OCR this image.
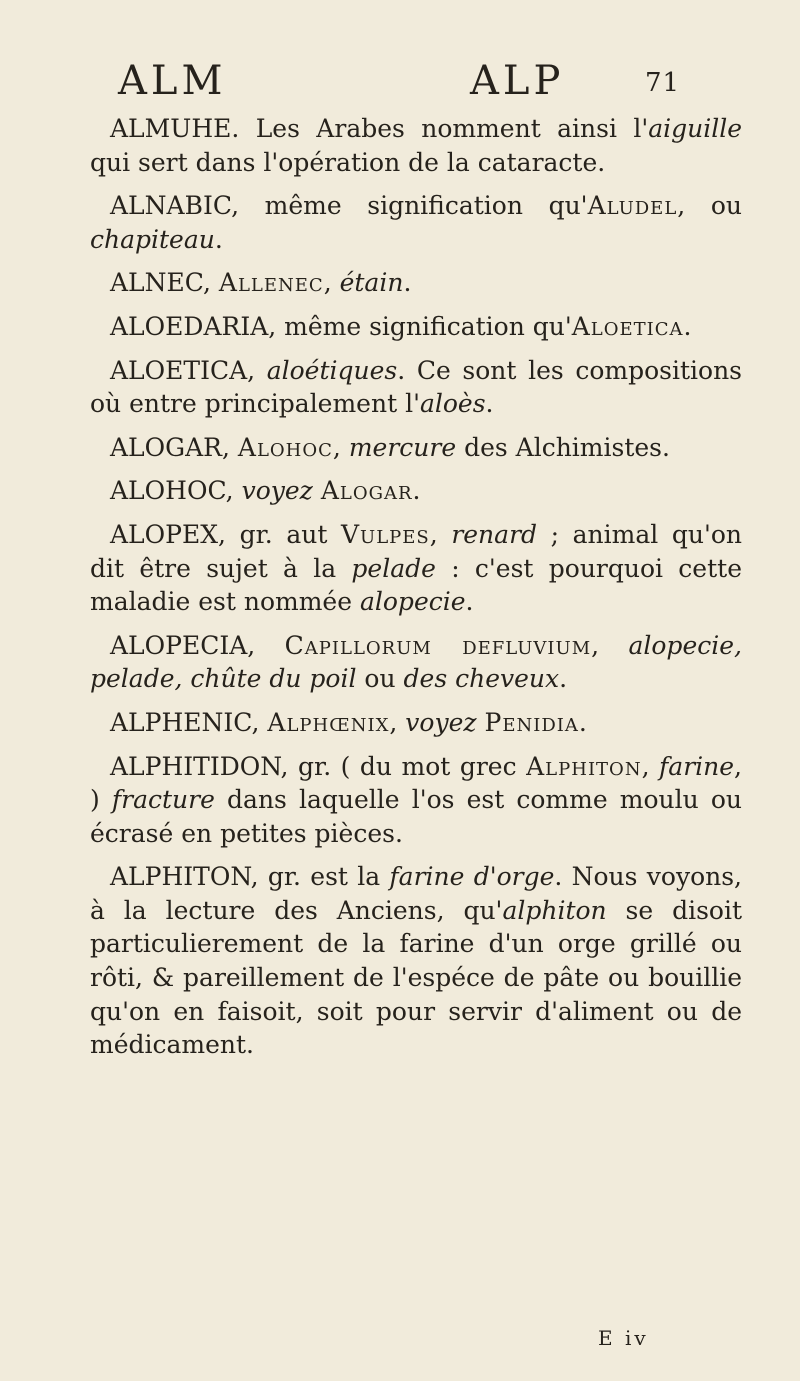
ALM	ALP	71

ALMUHE. Les Arabes nomment ainsi l'aiguille qui sert dans l'opération de la cataracte.

ALNABIC, même signification qu'Aludel, ou chapiteau.

ALNEC, Allenec, étain.

ALOEDARIA, même signification qu'Aloetica.

ALOETICA, aloétiques. Ce sont les compositions où entre principalement l'aloès.

ALOGAR, Alohoc, mercure des Alchimistes.

ALOHOC, voyez Alogar.

ALOPEX, gr. aut Vulpes, renard ; animal qu'on dit être sujet à la pelade : c'est pourquoi cette maladie est nommée alopecie.

ALOPECIA, Capillorum defluvium, alopecie, pelade, chûte du poil ou des cheveux.

ALPHENIC, Alphœnix, voyez Penidia.

ALPHITIDON, gr. ( du mot grec Alphiton, farine, ) fracture dans laquelle l'os est comme moulu ou écrasé en petites pièces.

ALPHITON, gr. est la farine d'orge. Nous voyons, à la lecture des Anciens, qu'alphiton se disoit particulierement de la farine d'un orge grillé ou rôti, & pareillement de l'espéce de pâte ou bouillie qu'on en faisoit, soit pour servir d'aliment ou de médicament.

E iv
